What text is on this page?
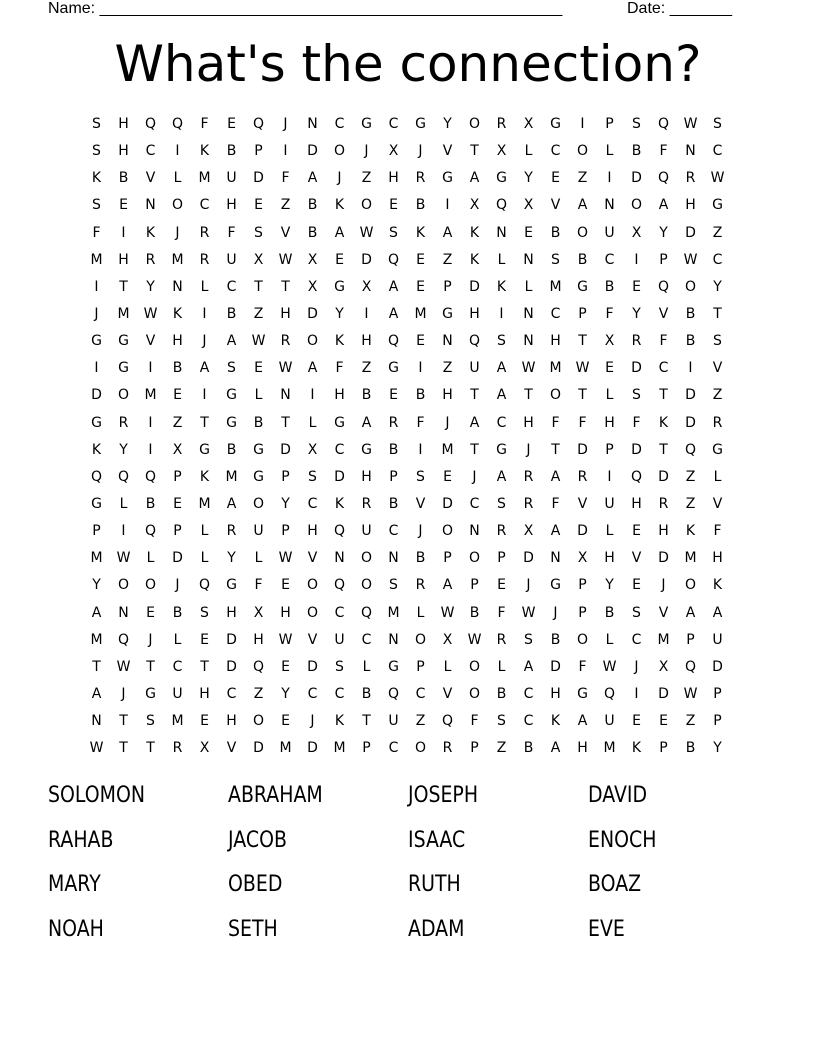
Name: ____________________________________________________	Date: _______
What's the connection?
S	H	Q	Q	F	E	Q	J	N	C	G	C	G	Y	O	R	X	G	I	P	S	Q	W	S
S	H	C	I	K	B	P	I	D	O	J	X	J	V	T	X	L	C	O	L	B	F	N	C
K	B	V	L	M	U	D	F	A	J	Z	H	R	G	A	G	Y	E	Z	I	D	Q	R	W
S	E	N	O	C	H	E	Z	B	K	O	E	B	I	X	Q	X	V	A	N	O	A	H	G
F	I	K	J	R	F	S	V	B	A	W	S	K	A	K	N	E	B	O	U	X	Y	D	Z
M	H	R	M	R	U	X	W	X	E	D	Q	E	Z	K	L	N	S	B	C	I	P	W	C
I	T	Y	N	L	C	T	T	X	G	X	A	E	P	D	K	L	M	G	B	E	Q	O	Y
J	M	W	K	I	B	Z	H	D	Y	I	A	M	G	H	I	N	C	P	F	Y	V	B	T
G	G	V	H	J	A	W	R	O	K	H	Q	E	N	Q	S	N	H	T	X	R	F	B	S
I	G	I	B	A	S	E	W	A	F	Z	G	I	Z	U	A	W	M	W	E	D	C	I	V
D	O	M	E	I	G	L	N	I	H	B	E	B	H	T	A	T	O	T	L	S	T	D	Z
G	R	I	Z	T	G	B	T	L	G	A	R	F	J	A	C	H	F	F	H	F	K	D	R
K	Y	I	X	G	B	G	D	X	C	G	B	I	M	T	G	J	T	D	P	D	T	Q	G
Q	Q	Q	P	K	M	G	P	S	D	H	P	S	E	J	A	R	A	R	I	Q	D	Z	L
G	L	B	E	M	A	O	Y	C	K	R	B	V	D	C	S	R	F	V	U	H	R	Z	V
P	I	Q	P	L	R	U	P	H	Q	U	C	J	O	N	R	X	A	D	L	E	H	K	F
M	W	L	D	L	Y	L	W	V	N	O	N	B	P	O	P	D	N	X	H	V	D	M	H
Y	O	O	J	Q	G	F	E	O	Q	O	S	R	A	P	E	J	G	P	Y	E	J	O	K
A	N	E	B	S	H	X	H	O	C	Q	M	L	W	B	F	W	J	P	B	S	V	A	A
M	Q	J	L	E	D	H	W	V	U	C	N	O	X	W	R	S	B	O	L	C	M	P	U
T	W	T	C	T	D	Q	E	D	S	L	G	P	L	O	L	A	D	F	W	J	X	Q	D
A	J	G	U	H	C	Z	Y	C	C	B	Q	C	V	O	B	C	H	G	Q	I	D	W	P
N	T	S	M	E	H	O	E	J	K	T	U	Z	Q	F	S	C	K	A	U	E	E	Z	P
W	T	T	R	X	V	D	M	D	M	P	C	O	R	P	Z	B	A	H	M	K	P	B	Y
SOLOMON	ABRAHAM	JOSEPH	DAVID
RAHAB	JACOB	ISAAC	ENOCH
MARY	OBED	RUTH	BOAZ
NOAH	SETH	ADAM	EVE
